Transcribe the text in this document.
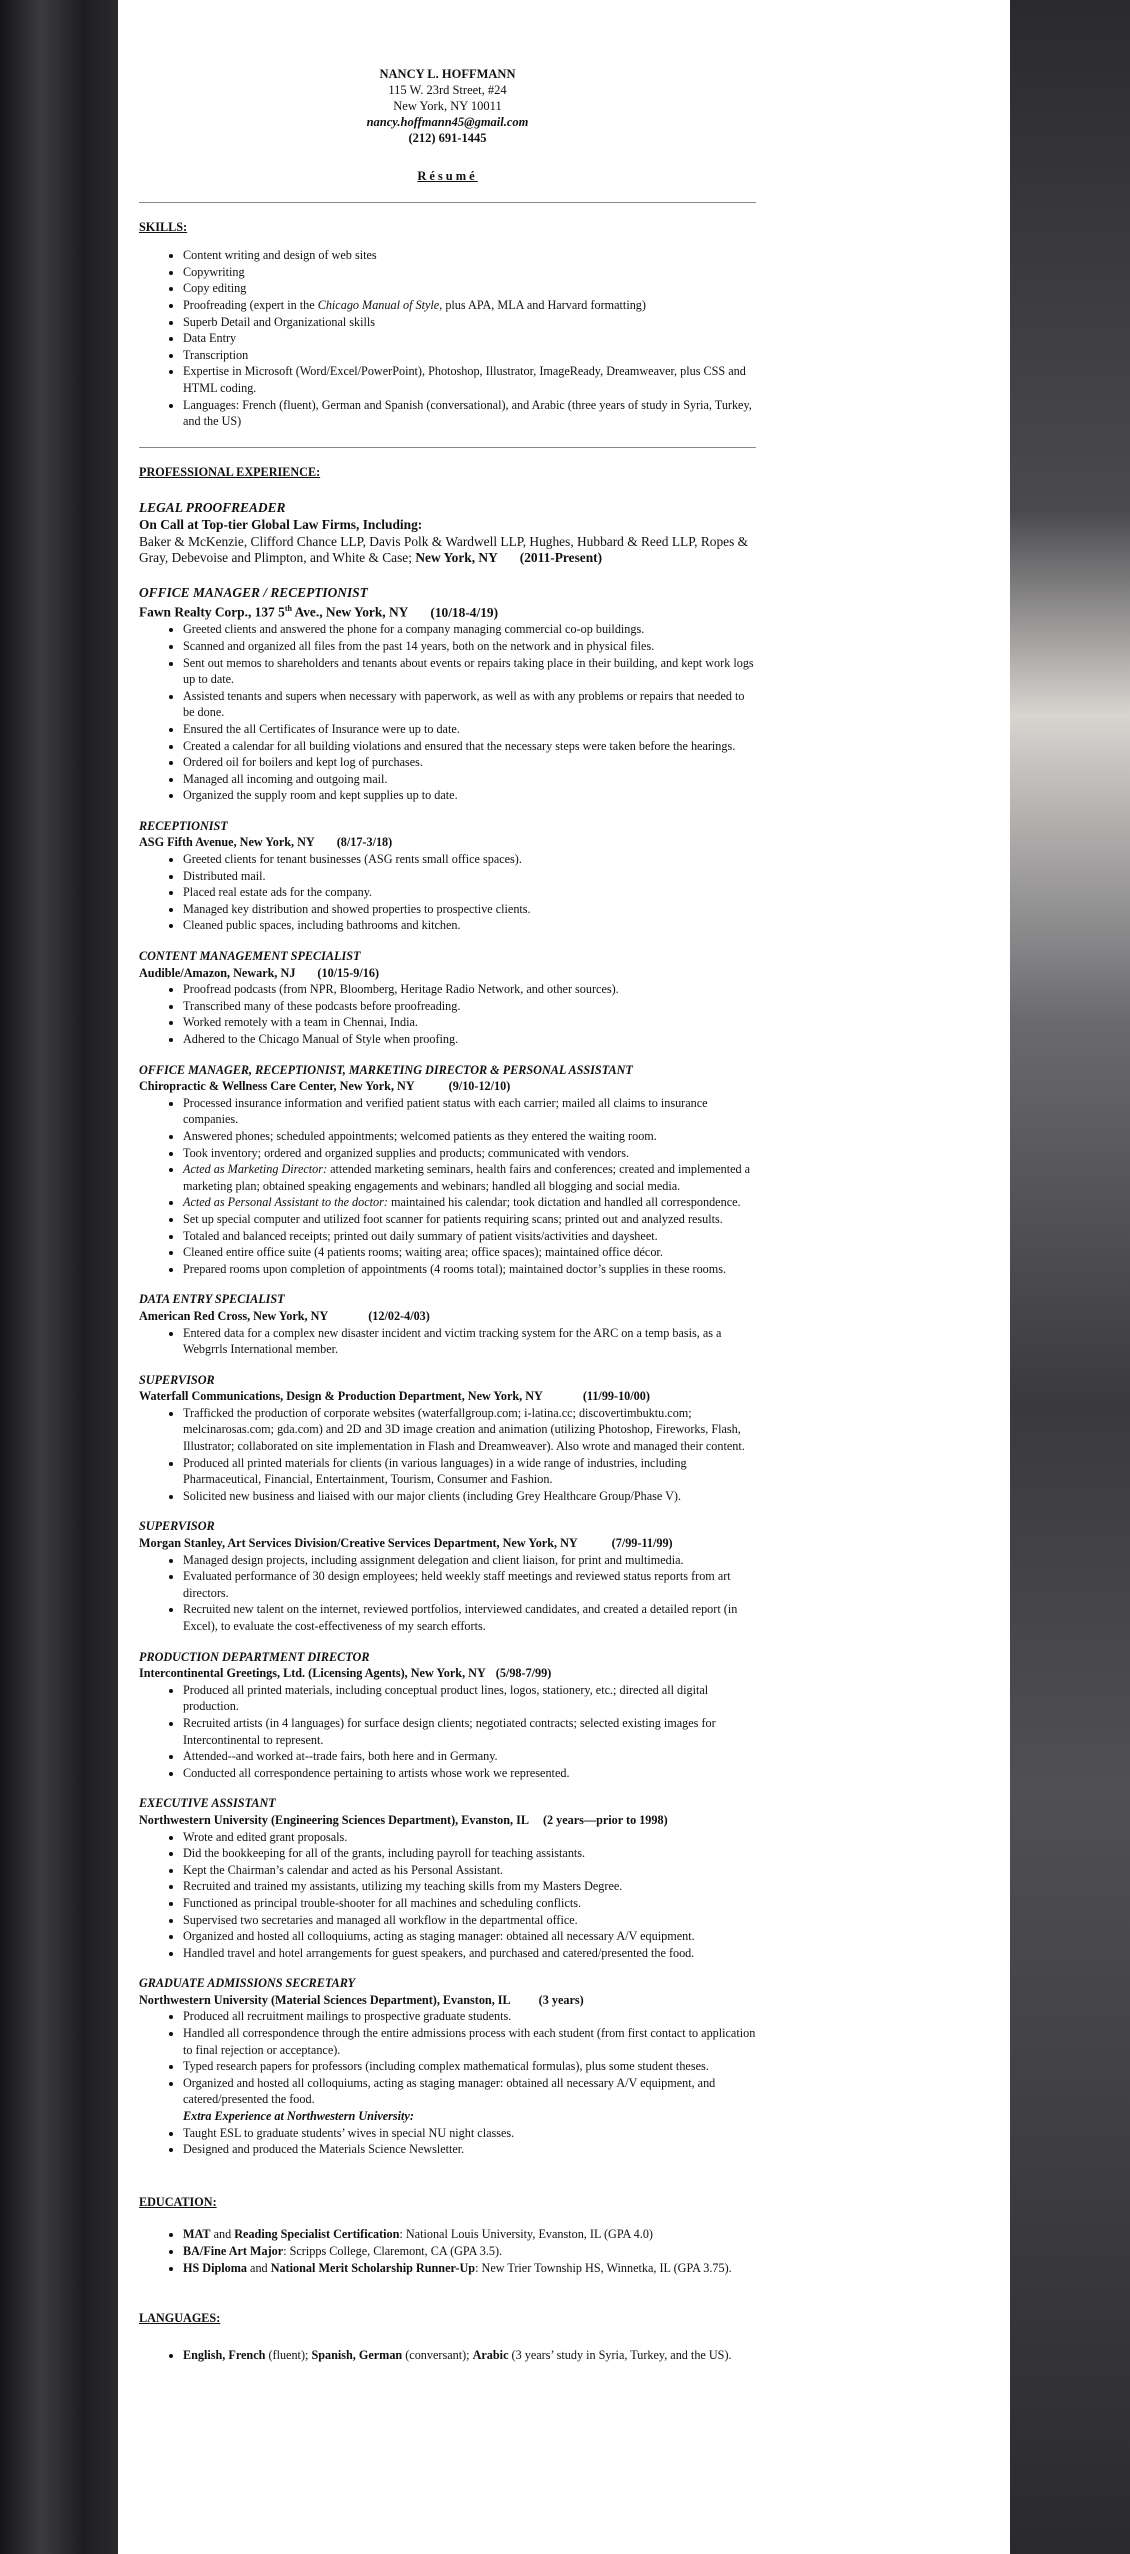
NANCY L. HOFFMANN
115 W. 23rd Street, #24
New York, NY 10011
nancy.hoffmann45@gmail.com
(212) 691-1445
Résumé
SKILLS:
• Content writing and design of web sites
• Copywriting
• Copy editing
• Proofreading (expert in the Chicago Manual of Style, plus APA, MLA and Harvard formatting)
• Superb Detail and Organizational skills
• Data Entry
• Transcription
• Expertise in Microsoft (Word/Excel/PowerPoint), Photoshop, Illustrator, ImageReady, Dreamweaver, plus CSS and HTML coding.
• Languages: French (fluent), German and Spanish (conversational), and Arabic (three years of study in Syria, Turkey, and the US)
PROFESSIONAL EXPERIENCE:
LEGAL PROOFREADER
On Call at Top-tier Global Law Firms, Including:
Baker & McKenzie, Clifford Chance LLP, Davis Polk & Wardwell LLP, Hughes, Hubbard & Reed LLP, Ropes & Gray, Debevoise and Plimpton, and White & Case; New York, NY (2011-Present)
OFFICE MANAGER / RECEPTIONIST
Fawn Realty Corp., 137 5th Ave., New York, NY (10/18-4/19)
• Greeted clients and answered the phone for a company managing commercial co-op buildings.
• Scanned and organized all files from the past 14 years, both on the network and in physical files.
• Sent out memos to shareholders and tenants about events or repairs taking place in their building, and kept work logs up to date.
• Assisted tenants and supers when necessary with paperwork, as well as with any problems or repairs that needed to be done.
• Ensured the all Certificates of Insurance were up to date.
• Created a calendar for all building violations and ensured that the necessary steps were taken before the hearings.
• Ordered oil for boilers and kept log of purchases.
• Managed all incoming and outgoing mail.
• Organized the supply room and kept supplies up to date.
RECEPTIONIST
ASG Fifth Avenue, New York, NY (8/17-3/18)
• Greeted clients for tenant businesses (ASG rents small office spaces).
• Distributed mail.
• Placed real estate ads for the company.
• Managed key distribution and showed properties to prospective clients.
• Cleaned public spaces, including bathrooms and kitchen.
CONTENT MANAGEMENT SPECIALIST
Audible/Amazon, Newark, NJ (10/15-9/16)
• Proofread podcasts (from NPR, Bloomberg, Heritage Radio Network, and other sources).
• Transcribed many of these podcasts before proofreading.
• Worked remotely with a team in Chennai, India.
• Adhered to the Chicago Manual of Style when proofing.
OFFICE MANAGER, RECEPTIONIST, MARKETING DIRECTOR & PERSONAL ASSISTANT
Chiropractic & Wellness Care Center, New York, NY	(9/10-12/10)
• Processed insurance information and verified patient status with each carrier; mailed all claims to insurance companies.
• Answered phones; scheduled appointments; welcomed patients as they entered the waiting room.
• Took inventory; ordered and organized supplies and products; communicated with vendors.
• Acted as Marketing Director: attended marketing seminars, health fairs and conferences; created and implemented a marketing plan; obtained speaking engagements and webinars; handled all blogging and social media.
• Acted as Personal Assistant to the doctor: maintained his calendar; took dictation and handled all correspondence.
• Set up special computer and utilized foot scanner for patients requiring scans; printed out and analyzed results.
• Totaled and balanced receipts; printed out daily summary of patient visits/activities and daysheet.
• Cleaned entire office suite (4 patients rooms; waiting area; office spaces); maintained office décor.
• Prepared rooms upon completion of appointments (4 rooms total); maintained doctor’s supplies in these rooms.
DATA ENTRY SPECIALIST
American Red Cross, New York, NY	(12/02-4/03)
• Entered data for a complex new disaster incident and victim tracking system for the ARC on a temp basis, as a Webgrrls International member.
SUPERVISOR
Waterfall Communications, Design & Production Department, New York, NY	(11/99-10/00)
• Trafficked the production of corporate websites (waterfallgroup.com; i-latina.cc; discovertimbuktu.com; melcinarosas.com; gda.com) and 2D and 3D image creation and animation (utilizing Photoshop, Fireworks, Flash, Illustrator; collaborated on site implementation in Flash and Dreamweaver). Also wrote and managed their content.
• Produced all printed materials for clients (in various languages) in a wide range of industries, including Pharmaceutical, Financial, Entertainment, Tourism, Consumer and Fashion.
• Solicited new business and liaised with our major clients (including Grey Healthcare Group/Phase V).
SUPERVISOR
Morgan Stanley, Art Services Division/Creative Services Department, New York, NY	(7/99-11/99)
• Managed design projects, including assignment delegation and client liaison, for print and multimedia.
• Evaluated performance of 30 design employees; held weekly staff meetings and reviewed status reports from art directors.
• Recruited new talent on the internet, reviewed portfolios, interviewed candidates, and created a detailed report (in Excel), to evaluate the cost-effectiveness of my search efforts.
PRODUCTION DEPARTMENT DIRECTOR
Intercontinental Greetings, Ltd. (Licensing Agents), New York, NY (5/98-7/99)
• Produced all printed materials, including conceptual product lines, logos, stationery, etc.; directed all digital production.
• Recruited artists (in 4 languages) for surface design clients; negotiated contracts; selected existing images for Intercontinental to represent.
• Attended--and worked at--trade fairs, both here and in Germany.
• Conducted all correspondence pertaining to artists whose work we represented.
EXECUTIVE ASSISTANT
Northwestern University (Engineering Sciences Department), Evanston, IL (2 years—prior to 1998)
• Wrote and edited grant proposals.
• Did the bookkeeping for all of the grants, including payroll for teaching assistants.
• Kept the Chairman’s calendar and acted as his Personal Assistant.
• Recruited and trained my assistants, utilizing my teaching skills from my Masters Degree.
• Functioned as principal trouble-shooter for all machines and scheduling conflicts.
• Supervised two secretaries and managed all workflow in the departmental office.
• Organized and hosted all colloquiums, acting as staging manager: obtained all necessary A/V equipment.
• Handled travel and hotel arrangements for guest speakers, and purchased and catered/presented the food.
GRADUATE ADMISSIONS SECRETARY
Northwestern University (Material Sciences Department), Evanston, IL (3 years)
• Produced all recruitment mailings to prospective graduate students.
• Handled all correspondence through the entire admissions process with each student (from first contact to application to final rejection or acceptance).
• Typed research papers for professors (including complex mathematical formulas), plus some student theses.
• Organized and hosted all colloquiums, acting as staging manager: obtained all necessary A/V equipment, and catered/presented the food.
Extra Experience at Northwestern University:
• Taught ESL to graduate students’ wives in special NU night classes.
• Designed and produced the Materials Science Newsletter.
EDUCATION:
• MAT and Reading Specialist Certification: National Louis University, Evanston, IL (GPA 4.0)
• BA/Fine Art Major: Scripps College, Claremont, CA (GPA 3.5).
• HS Diploma and National Merit Scholarship Runner-Up: New Trier Township HS, Winnetka, IL (GPA 3.75).
LANGUAGES:
• English, French (fluent); Spanish, German (conversant); Arabic (3 years’ study in Syria, Turkey, and the US).
